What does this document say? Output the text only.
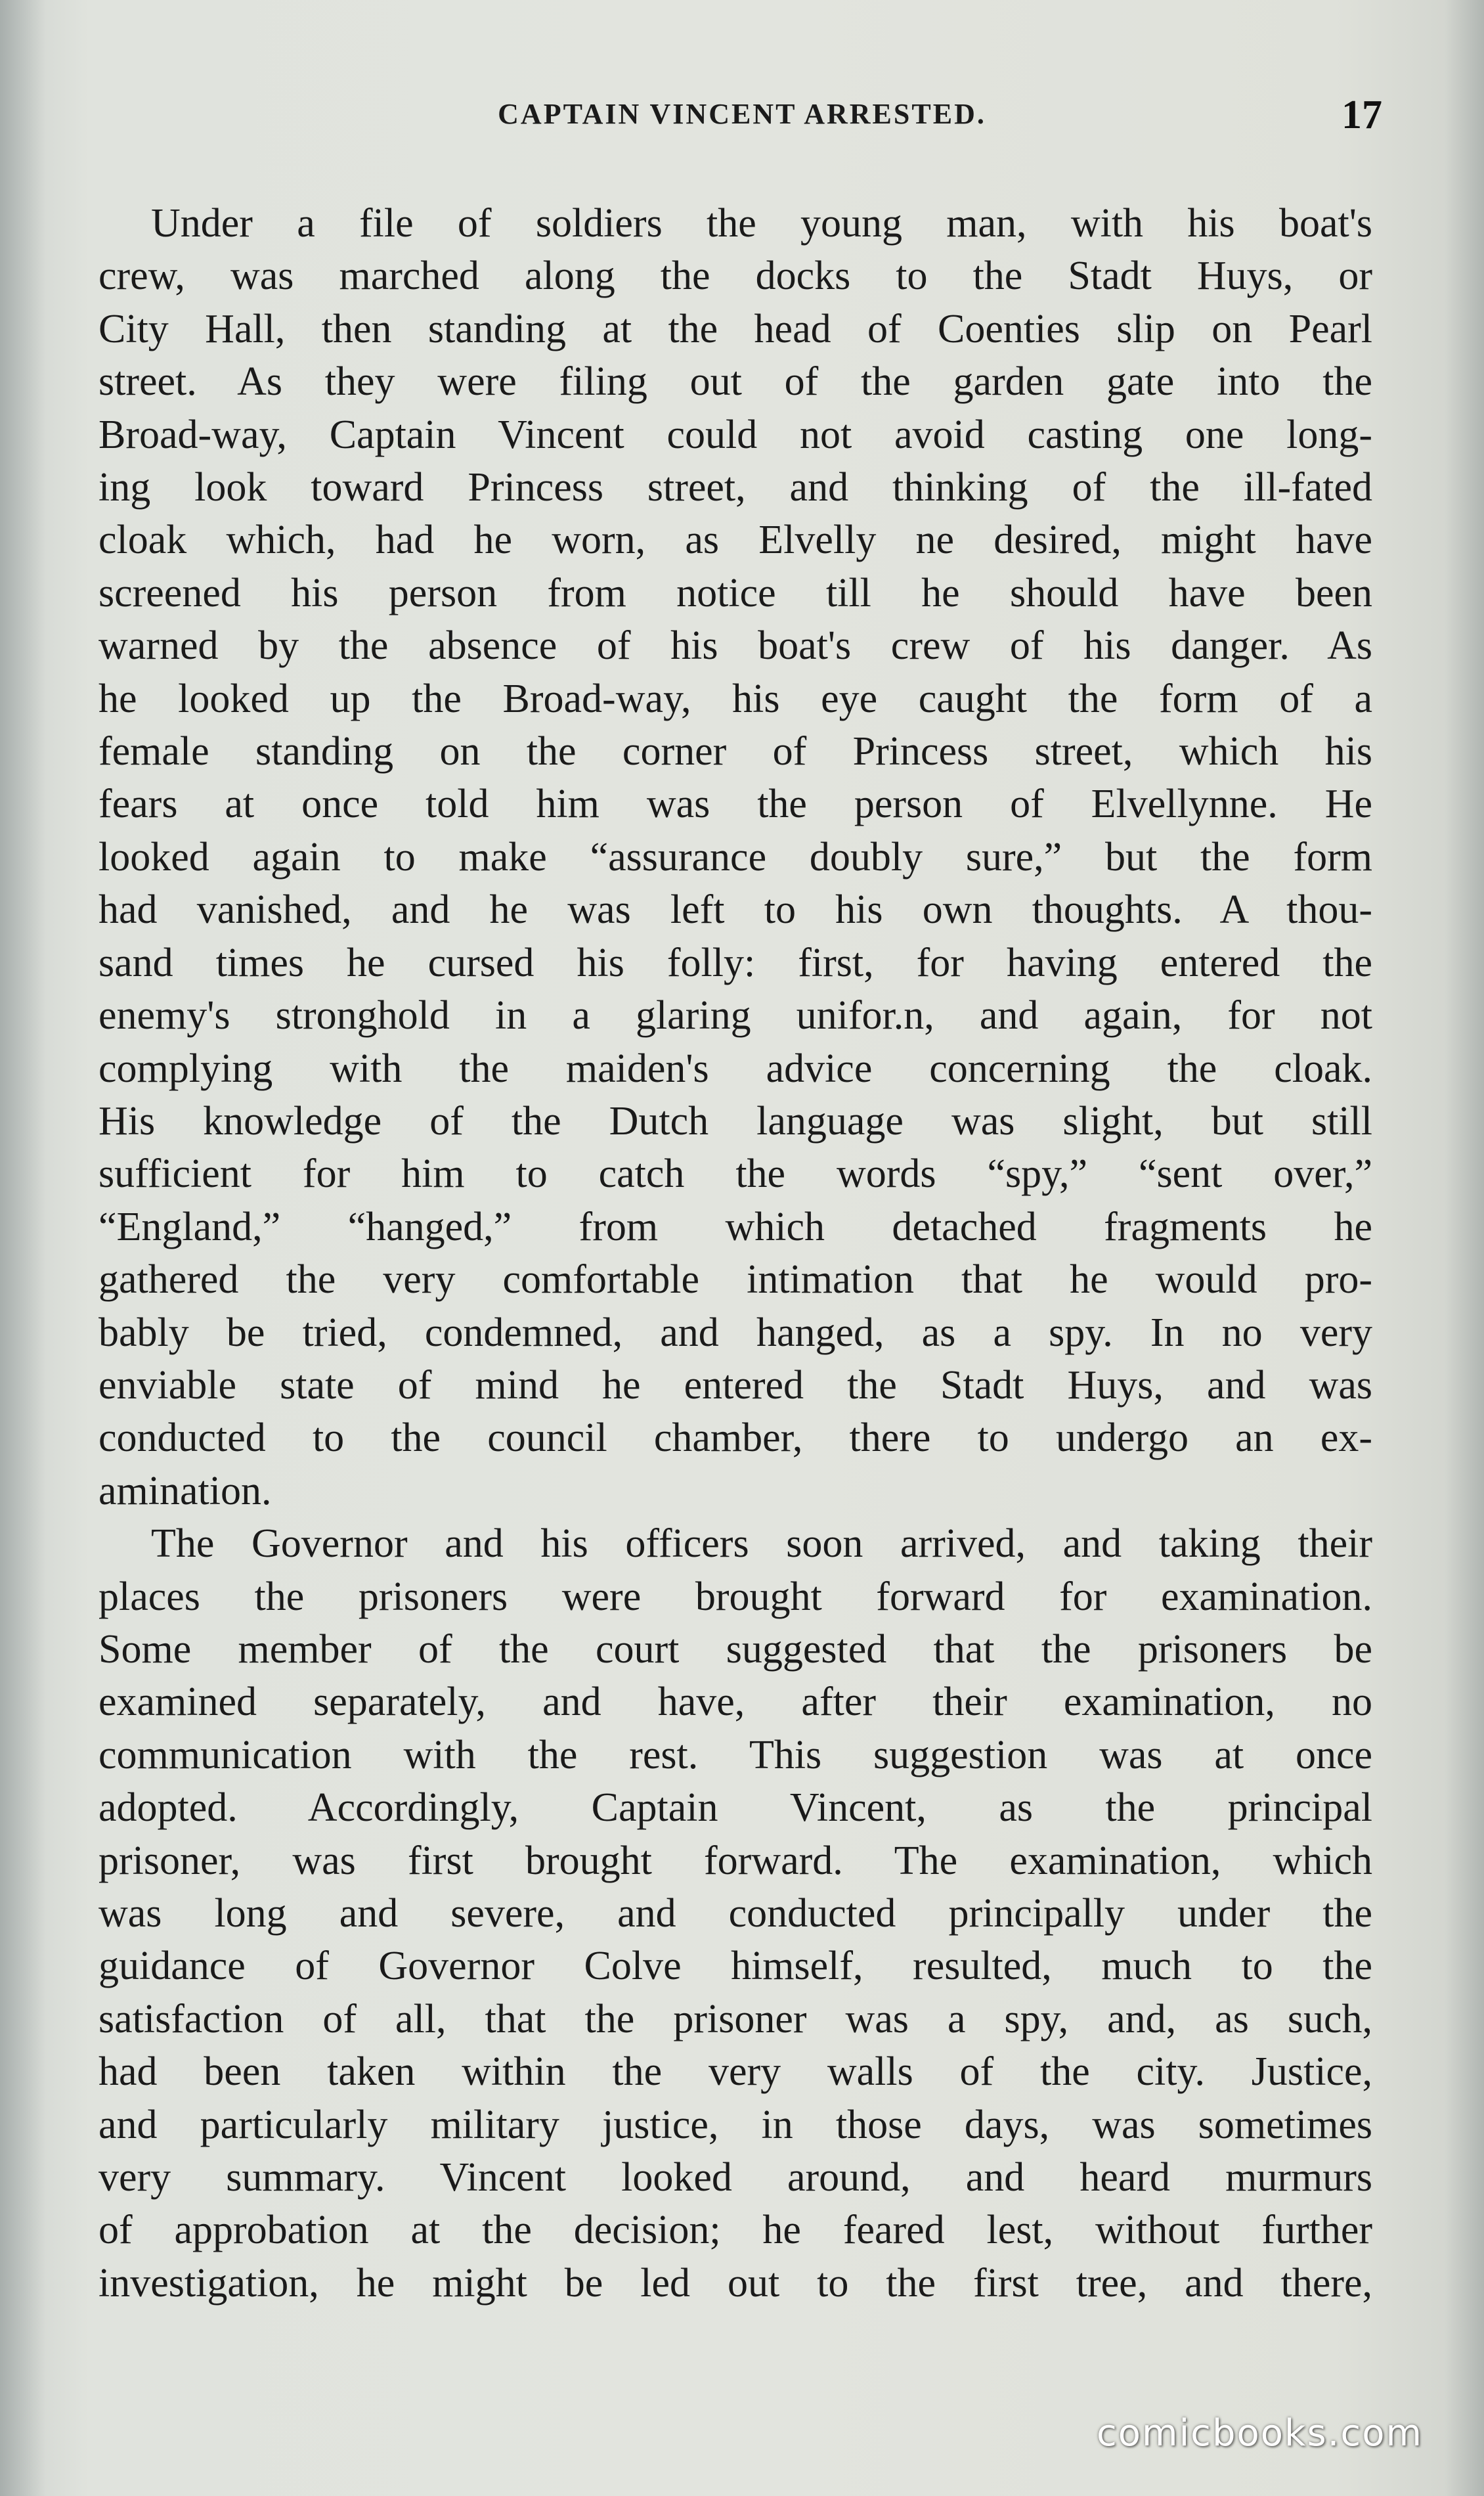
CAPTAIN VINCENT ARRESTED.	17
Under a file of soldiers the young man, with his boat's
crew, was marched along the docks to the Stadt Huys, or
City Hall, then standing at the head of Coenties slip on Pearl
street. As they were filing out of the garden gate into the
Broad-way, Captain Vincent could not avoid casting one long-
ing look toward Princess street, and thinking of the ill-fated
cloak which, had he worn, as Elvelly ne desired, might have
screened his person from notice till he should have been
warned by the absence of his boat's crew of his danger. As
he looked up the Broad-way, his eye caught the form of a
female standing on the corner of Princess street, which his
fears at once told him was the person of Elvellynne. He
looked again to make “assurance doubly sure,” but the form
had vanished, and he was left to his own thoughts. A thou-
sand times he cursed his folly: first, for having entered the
enemy's stronghold in a glaring unifor.n, and again, for not
complying with the maiden's advice concerning the cloak.
His knowledge of the Dutch language was slight, but still
sufficient for him to catch the words “spy,” “sent over,”
“England,” “hanged,” from which detached fragments he
gathered the very comfortable intimation that he would pro-
bably be tried, condemned, and hanged, as a spy. In no very
enviable state of mind he entered the Stadt Huys, and was
conducted to the council chamber, there to undergo an ex-
amination.
The Governor and his officers soon arrived, and taking their
places the prisoners were brought forward for examination.
Some member of the court suggested that the prisoners be
examined separately, and have, after their examination, no
communication with the rest. This suggestion was at once
adopted. Accordingly, Captain Vincent, as the principal
prisoner, was first brought forward. The examination, which
was long and severe, and conducted principally under the
guidance of Governor Colve himself, resulted, much to the
satisfaction of all, that the prisoner was a spy, and, as such,
had been taken within the very walls of the city. Justice,
and particularly military justice, in those days, was sometimes
very summary. Vincent looked around, and heard murmurs
of approbation at the decision; he feared lest, without further
investigation, he might be led out to the first tree, and there,
comicbooks.com
